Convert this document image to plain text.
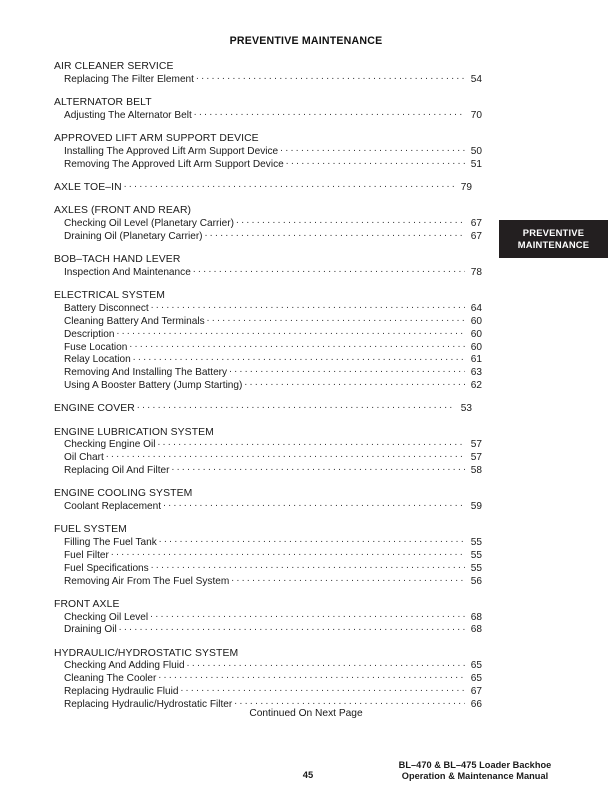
PREVENTIVE MAINTENANCE
PREVENTIVE
MAINTENANCE
AIR CLEANER SERVICE
Replacing The Filter Element . . .	54
ALTERNATOR BELT
Adjusting The Alternator Belt . . .	70
APPROVED LIFT ARM SUPPORT DEVICE
Installing The Approved Lift Arm Support Device . . .	50
Removing The Approved Lift Arm Support Device . . .	51
AXLE TOE–IN . . .	79
AXLES (FRONT AND REAR)
Checking Oil Level (Planetary Carrier) . . .	67
Draining Oil (Planetary Carrier) . . .	67
BOB–TACH HAND LEVER
Inspection And Maintenance . . .	78
ELECTRICAL SYSTEM
Battery Disconnect . . .	64
Cleaning Battery And Terminals . . .	60
Description . . .	60
Fuse Location . . .	60
Relay Location . . .	61
Removing And Installing The Battery . . .	63
Using A Booster Battery (Jump Starting) . . .	62
ENGINE COVER . . .	53
ENGINE LUBRICATION SYSTEM
Checking Engine Oil . . .	57
Oil Chart . . .	57
Replacing Oil And Filter . . .	58
ENGINE COOLING SYSTEM
Coolant Replacement . . .	59
FUEL SYSTEM
Filling The Fuel Tank . . .	55
Fuel Filter . . .	55
Fuel Specifications . . .	55
Removing Air From The Fuel System . . .	56
FRONT AXLE
Checking Oil Level . . .	68
Draining Oil . . .	68
HYDRAULIC/HYDROSTATIC SYSTEM
Checking And Adding Fluid . . .	65
Cleaning The Cooler . . .	65
Replacing Hydraulic Fluid . . .	67
Replacing Hydraulic/Hydrostatic Filter . . .	66
Continued On Next Page
45
BL–470 & BL–475 Loader Backhoe
Operation & Maintenance Manual
